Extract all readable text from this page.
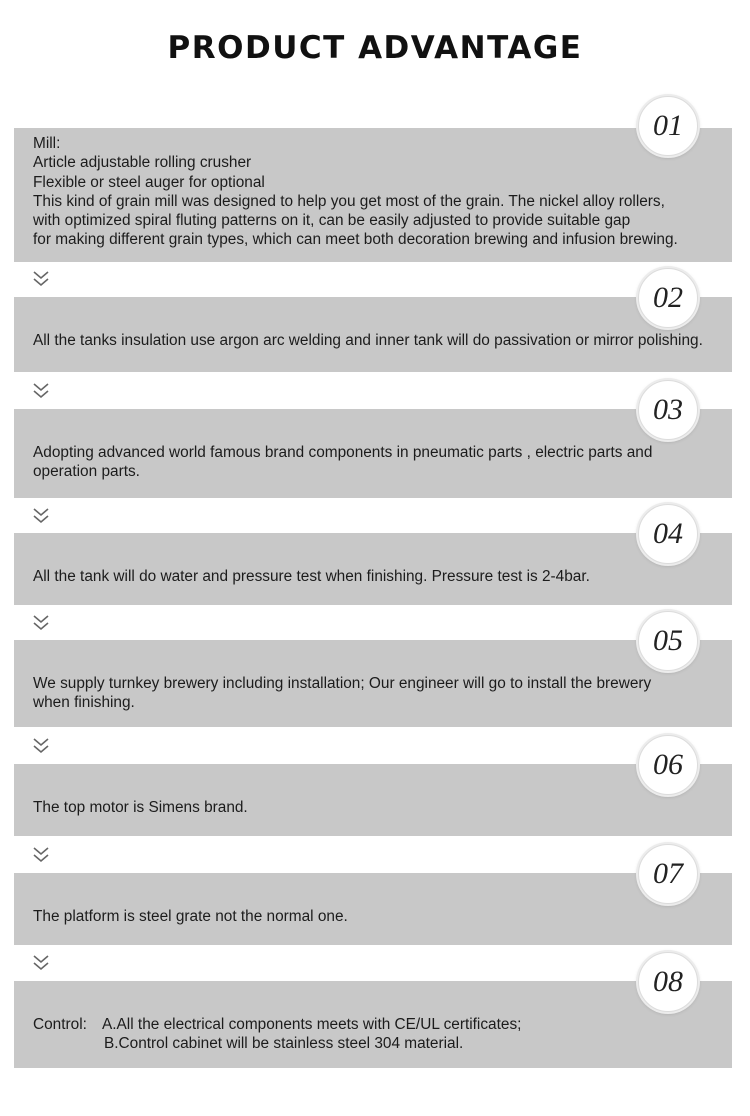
PRODUCT ADVANTAGE
Mill:
Article adjustable rolling crusher
Flexible or steel auger for optional
This kind of grain mill was designed to help you get most of the grain. The nickel alloy rollers,
with optimized spiral fluting patterns on it, can be easily adjusted to provide suitable gap
for making different grain types, which can meet both decoration brewing and infusion brewing.
01
All the tanks insulation use argon arc welding and inner tank will do passivation or mirror polishing.
02
Adopting advanced world famous brand components in pneumatic parts , electric parts and
operation parts.
03
All the tank will do water and pressure test when finishing. Pressure test is 2-4bar.
04
We supply turnkey brewery including installation; Our engineer will go to install the brewery
when finishing.
05
The top motor is Simens brand.
06
The platform is steel grate not the normal one.
07
Control: A.All the electrical components meets with CE/UL certificates;
B.Control cabinet will be stainless steel 304 material.
08
